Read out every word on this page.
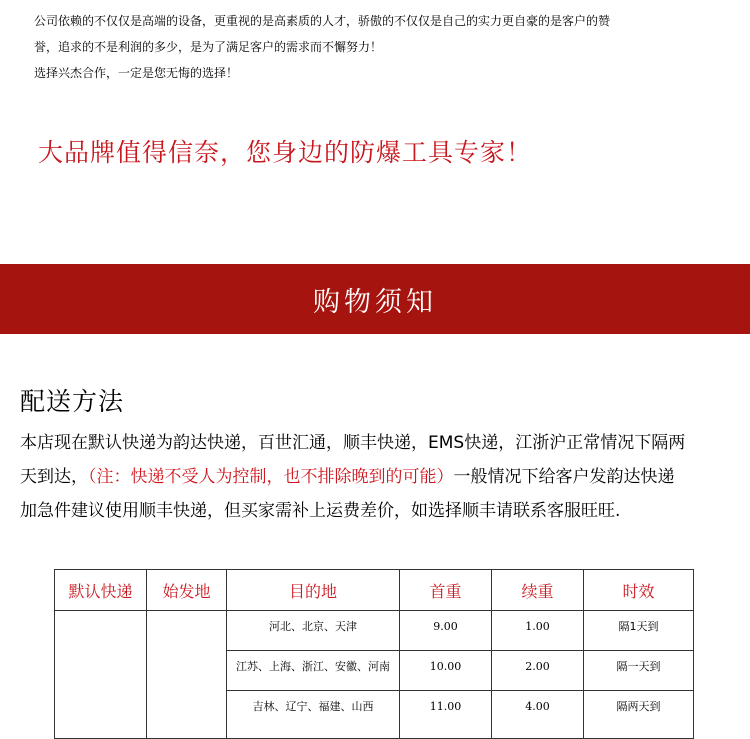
公司依赖的不仅仅是高端的设备，更重视的是高素质的人才，骄傲的不仅仅是自己的实力更自豪的是客户的赞

誉，追求的不是利润的多少，是为了满足客户的需求而不懈努力！

选择兴杰合作，一定是您无悔的选择！

大品牌值得信奈，您身边的防爆工具专家！
购物须知
配送方法

本店现在默认快递为韵达快递，百世汇通，顺丰快递，EMS快递，江浙沪正常情况下隔两

天到达，（注：快递不受人为控制，也不排除晚到的可能）一般情况下给客户发韵达快递

加急件建议使用顺丰快递，但买家需补上运费差价，如选择顺丰请联系客服旺旺.

默认快递	始发地	目的地	首重	续重	时效
		河北、北京、天津	9.00	1.00	隔1天到
		江苏、上海、浙江、安徽、河南	10.00	2.00	隔一天到
		吉林、辽宁、福建、山西	11.00	4.00	隔两天到
